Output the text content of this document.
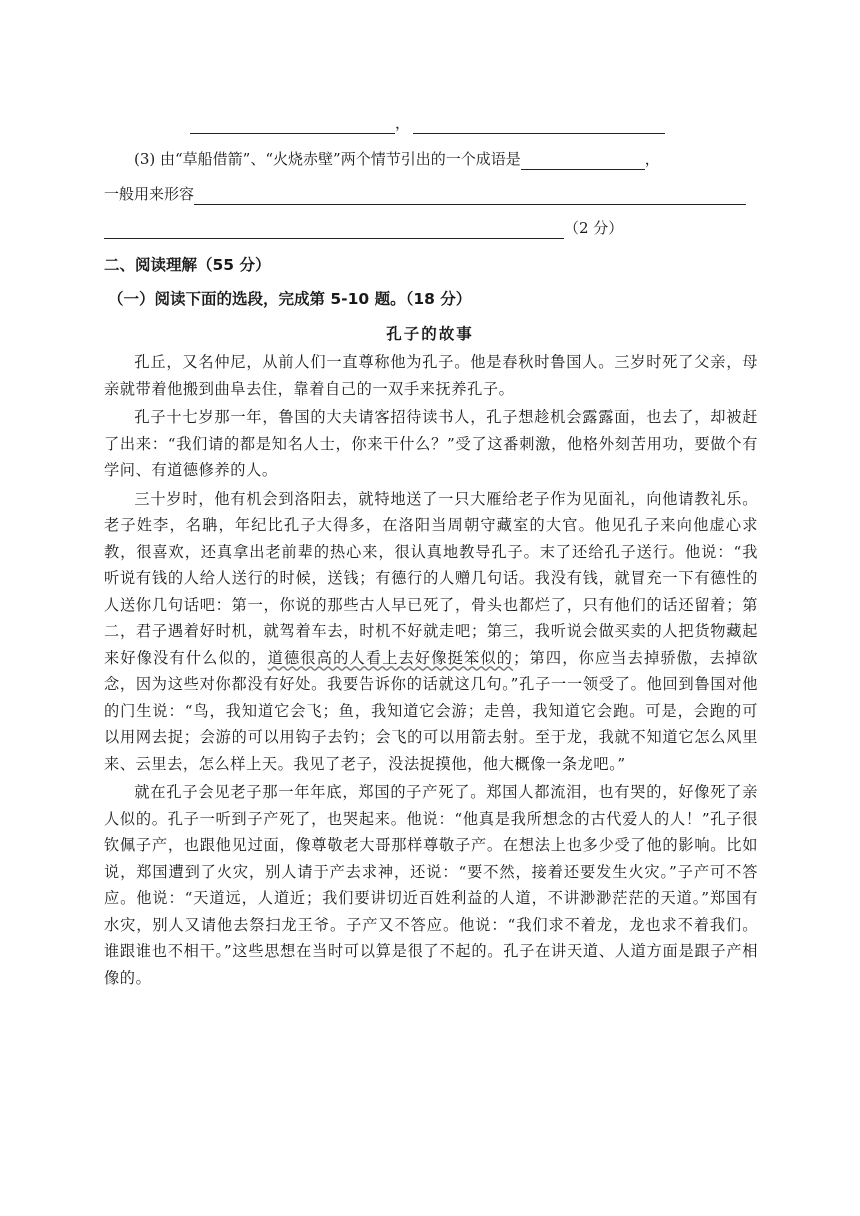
，
(3) 由“草船借箭”、“火烧赤壁”两个情节引出的一个成语是	，
一般用来形容
（2 分）
二、阅读理解（55 分）
（一）阅读下面的选段，完成第 5-10 题。（18 分）
孔子的故事

孔丘，又名仲尼，从前人们一直尊称他为孔子。他是春秋时鲁国人。三岁时死了父亲，母亲就带着他搬到曲阜去住，靠着自己的一双手来抚养孔子。

孔子十七岁那一年，鲁国的大夫请客招待读书人，孔子想趁机会露露面，也去了，却被赶了出来：“我们请的都是知名人士，你来干什么？”受了这番刺激，他格外刻苦用功，要做个有学问、有道德修养的人。

三十岁时，他有机会到洛阳去，就特地送了一只大雁给老子作为见面礼，向他请教礼乐。老子姓李，名聃，年纪比孔子大得多，在洛阳当周朝守藏室的大官。他见孔子来向他虚心求教，很喜欢，还真拿出老前辈的热心来，很认真地教导孔子。末了还给孔子送行。他说：“我听说有钱的人给人送行的时候，送钱；有德行的人赠几句话。我没有钱，就冒充一下有德性的人送你几句话吧：第一，你说的那些古人早已死了，骨头也都烂了，只有他们的话还留着；第二，君子遇着好时机，就驾着车去，时机不好就走吧；第三，我听说会做买卖的人把货物藏起来好像没有什么似的，道德很高的人看上去好像挺笨似的；第四，你应当去掉骄傲，去掉欲念，因为这些对你都没有好处。我要告诉你的话就这几句。”孔子一一领受了。他回到鲁国对他的门生说：“鸟，我知道它会飞；鱼，我知道它会游；走兽，我知道它会跑。可是，会跑的可以用网去捉；会游的可以用钩子去钓；会飞的可以用箭去射。至于龙，我就不知道它怎么风里来、云里去，怎么样上天。我见了老子，没法捉摸他，他大概像一条龙吧。”

就在孔子会见老子那一年年底，郑国的子产死了。郑国人都流泪，也有哭的，好像死了亲人似的。孔子一听到子产死了，也哭起来。他说：“他真是我所想念的古代爱人的人！”孔子很钦佩子产，也跟他见过面，像尊敬老大哥那样尊敬子产。在想法上也多少受了他的影响。比如说，郑国遭到了火灾，别人请于产去求神，还说：“要不然，接着还要发生火灾。”子产可不答应。他说：“天道远，人道近；我们要讲切近百姓利益的人道，不讲渺渺茫茫的天道。”郑国有水灾，别人又请他去祭扫龙王爷。子产又不答应。他说：“我们求不着龙，龙也求不着我们。谁跟谁也不相干。”这些思想在当时可以算是很了不起的。孔子在讲天道、人道方面是跟子产相像的。
